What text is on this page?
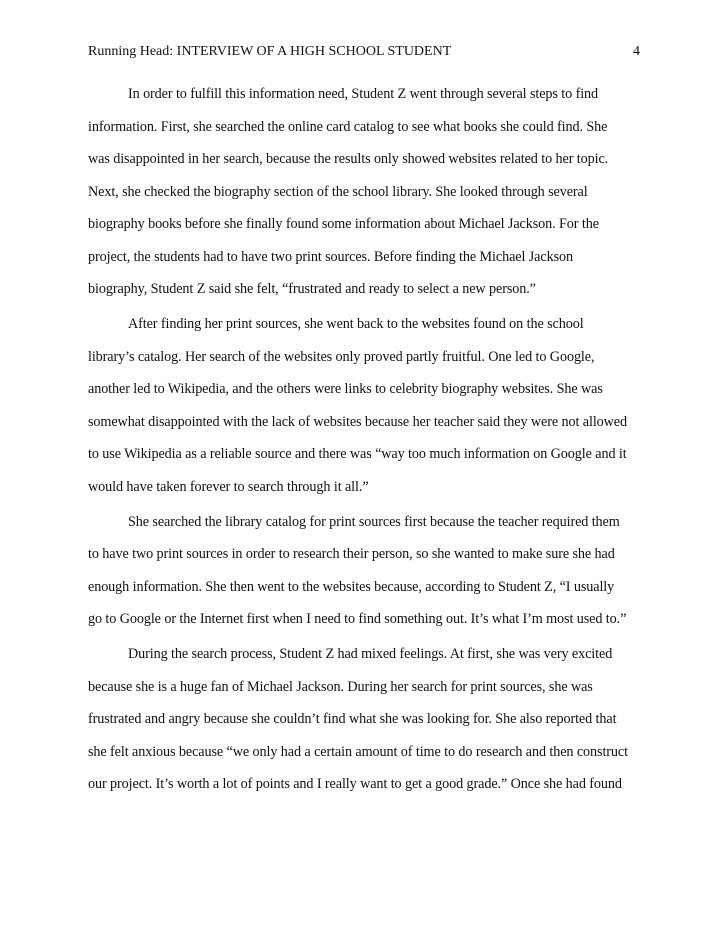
Running Head: INTERVIEW OF A HIGH SCHOOL STUDENT	4
In order to fulfill this information need, Student Z went through several steps to find
information. First, she searched the online card catalog to see what books she could find. She
was disappointed in her search, because the results only showed websites related to her topic.
Next, she checked the biography section of the school library. She looked through several
biography books before she finally found some information about Michael Jackson. For the
project, the students had to have two print sources. Before finding the Michael Jackson
biography, Student Z said she felt, “frustrated and ready to select a new person.”
After finding her print sources, she went back to the websites found on the school
library’s catalog. Her search of the websites only proved partly fruitful. One led to Google,
another led to Wikipedia, and the others were links to celebrity biography websites. She was
somewhat disappointed with the lack of websites because her teacher said they were not allowed
to use Wikipedia as a reliable source and there was “way too much information on Google and it
would have taken forever to search through it all.”
She searched the library catalog for print sources first because the teacher required them
to have two print sources in order to research their person, so she wanted to make sure she had
enough information. She then went to the websites because, according to Student Z, “I usually
go to Google or the Internet first when I need to find something out. It’s what I’m most used to.”
During the search process, Student Z had mixed feelings. At first, she was very excited
because she is a huge fan of Michael Jackson. During her search for print sources, she was
frustrated and angry because she couldn’t find what she was looking for. She also reported that
she felt anxious because “we only had a certain amount of time to do research and then construct
our project. It’s worth a lot of points and I really want to get a good grade.” Once she had found
